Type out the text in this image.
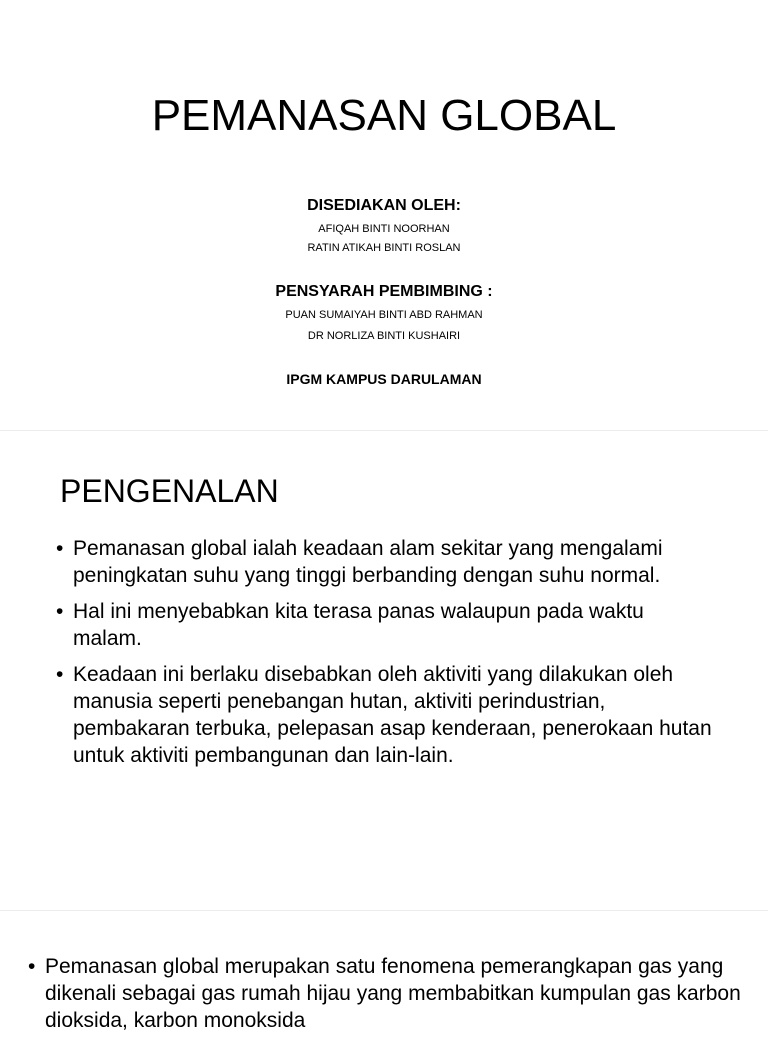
PEMANASAN GLOBAL
DISEDIAKAN OLEH:
AFIQAH BINTI NOORHAN
RATIN ATIKAH BINTI ROSLAN
PENSYARAH PEMBIMBING :
PUAN SUMAIYAH BINTI ABD RAHMAN
DR NORLIZA BINTI KUSHAIRI
IPGM KAMPUS DARULAMAN
PENGENALAN
• Pemanasan global ialah keadaan alam sekitar yang mengalami peningkatan suhu yang tinggi berbanding dengan suhu normal.
• Hal ini menyebabkan kita terasa panas walaupun pada waktu malam.
• Keadaan ini berlaku disebabkan oleh aktiviti yang dilakukan oleh manusia seperti penebangan hutan, aktiviti perindustrian, pembakaran terbuka, pelepasan asap kenderaan, penerokaan hutan untuk aktiviti pembangunan dan lain-lain.
• Pemanasan global merupakan satu fenomena pemerangkapan gas yang dikenali sebagai gas rumah hijau yang membabitkan kumpulan gas karbon dioksida, karbon monoksida
